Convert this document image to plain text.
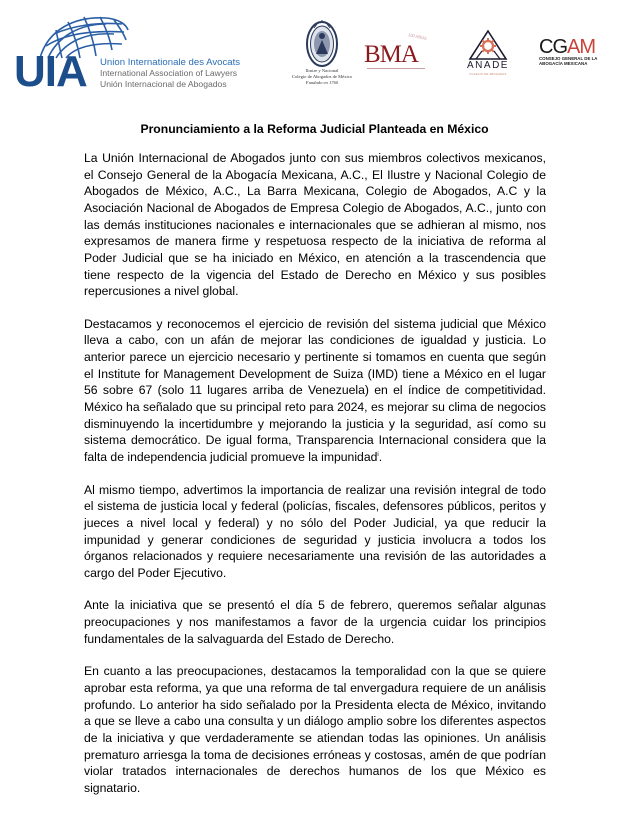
UIA Union Internationale des Avocats
International Association of Lawyers
Unión Internacional de Abogados
Ilustre y Nacional
Colegio de Abogados de México
Fundado en 1760
100 AÑOS
BMA	ANADE
COLEGIO DE ABOGADOS
CGAM
CONSEJO GENERAL DE LA
ABOGACÍA MEXICANA
Pronunciamiento a la Reforma Judicial Planteada en México

La Unión Internacional de Abogados junto con sus miembros colectivos mexicanos, el Consejo General de la Abogacía Mexicana, A.C., El Ilustre y Nacional Colegio de Abogados de México, A.C., La Barra Mexicana, Colegio de Abogados, A.C y la Asociación Nacional de Abogados de Empresa Colegio de Abogados, A.C., junto con las demás instituciones nacionales e internacionales que se adhieran al mismo, nos expresamos de manera firme y respetuosa respecto de la iniciativa de reforma al Poder Judicial que se ha iniciado en México, en atención a la trascendencia que tiene respecto de la vigencia del Estado de Derecho en México y sus posibles repercusiones a nivel global.

Destacamos y reconocemos el ejercicio de revisión del sistema judicial que México lleva a cabo, con un afán de mejorar las condiciones de igualdad y justicia. Lo anterior parece un ejercicio necesario y pertinente si tomamos en cuenta que según el Institute for Management Development de Suiza (IMD) tiene a México en el lugar 56 sobre 67 (solo 11 lugares arriba de Venezuela) en el índice de competitividad. México ha señalado que su principal reto para 2024, es mejorar su clima de negocios disminuyendo la incertidumbre y mejorando la justicia y la seguridad, así como su sistema democrático. De igual forma, Transparencia Internacional considera que la falta de independencia judicial promueve la impunidad$^i$.

Al mismo tiempo, advertimos la importancia de realizar una revisión integral de todo el sistema de justicia local y federal (policías, fiscales, defensores públicos, peritos y jueces a nivel local y federal) y no sólo del Poder Judicial, ya que reducir la impunidad y generar condiciones de seguridad y justicia involucra a todos los órganos relacionados y requiere necesariamente una revisión de las autoridades a cargo del Poder Ejecutivo.

Ante la iniciativa que se presentó el día 5 de febrero, queremos señalar algunas preocupaciones y nos manifestamos a favor de la urgencia cuidar los principios fundamentales de la salvaguarda del Estado de Derecho.

En cuanto a las preocupaciones, destacamos la temporalidad con la que se quiere aprobar esta reforma, ya que una reforma de tal envergadura requiere de un análisis profundo. Lo anterior ha sido señalado por la Presidenta electa de México, invitando a que se lleve a cabo una consulta y un diálogo amplio sobre los diferentes aspectos de la iniciativa y que verdaderamente se atiendan todas las opiniones. Un análisis prematuro arriesga la toma de decisiones erróneas y costosas, amén de que podrían violar tratados internacionales de derechos humanos de los que México es signatario.
